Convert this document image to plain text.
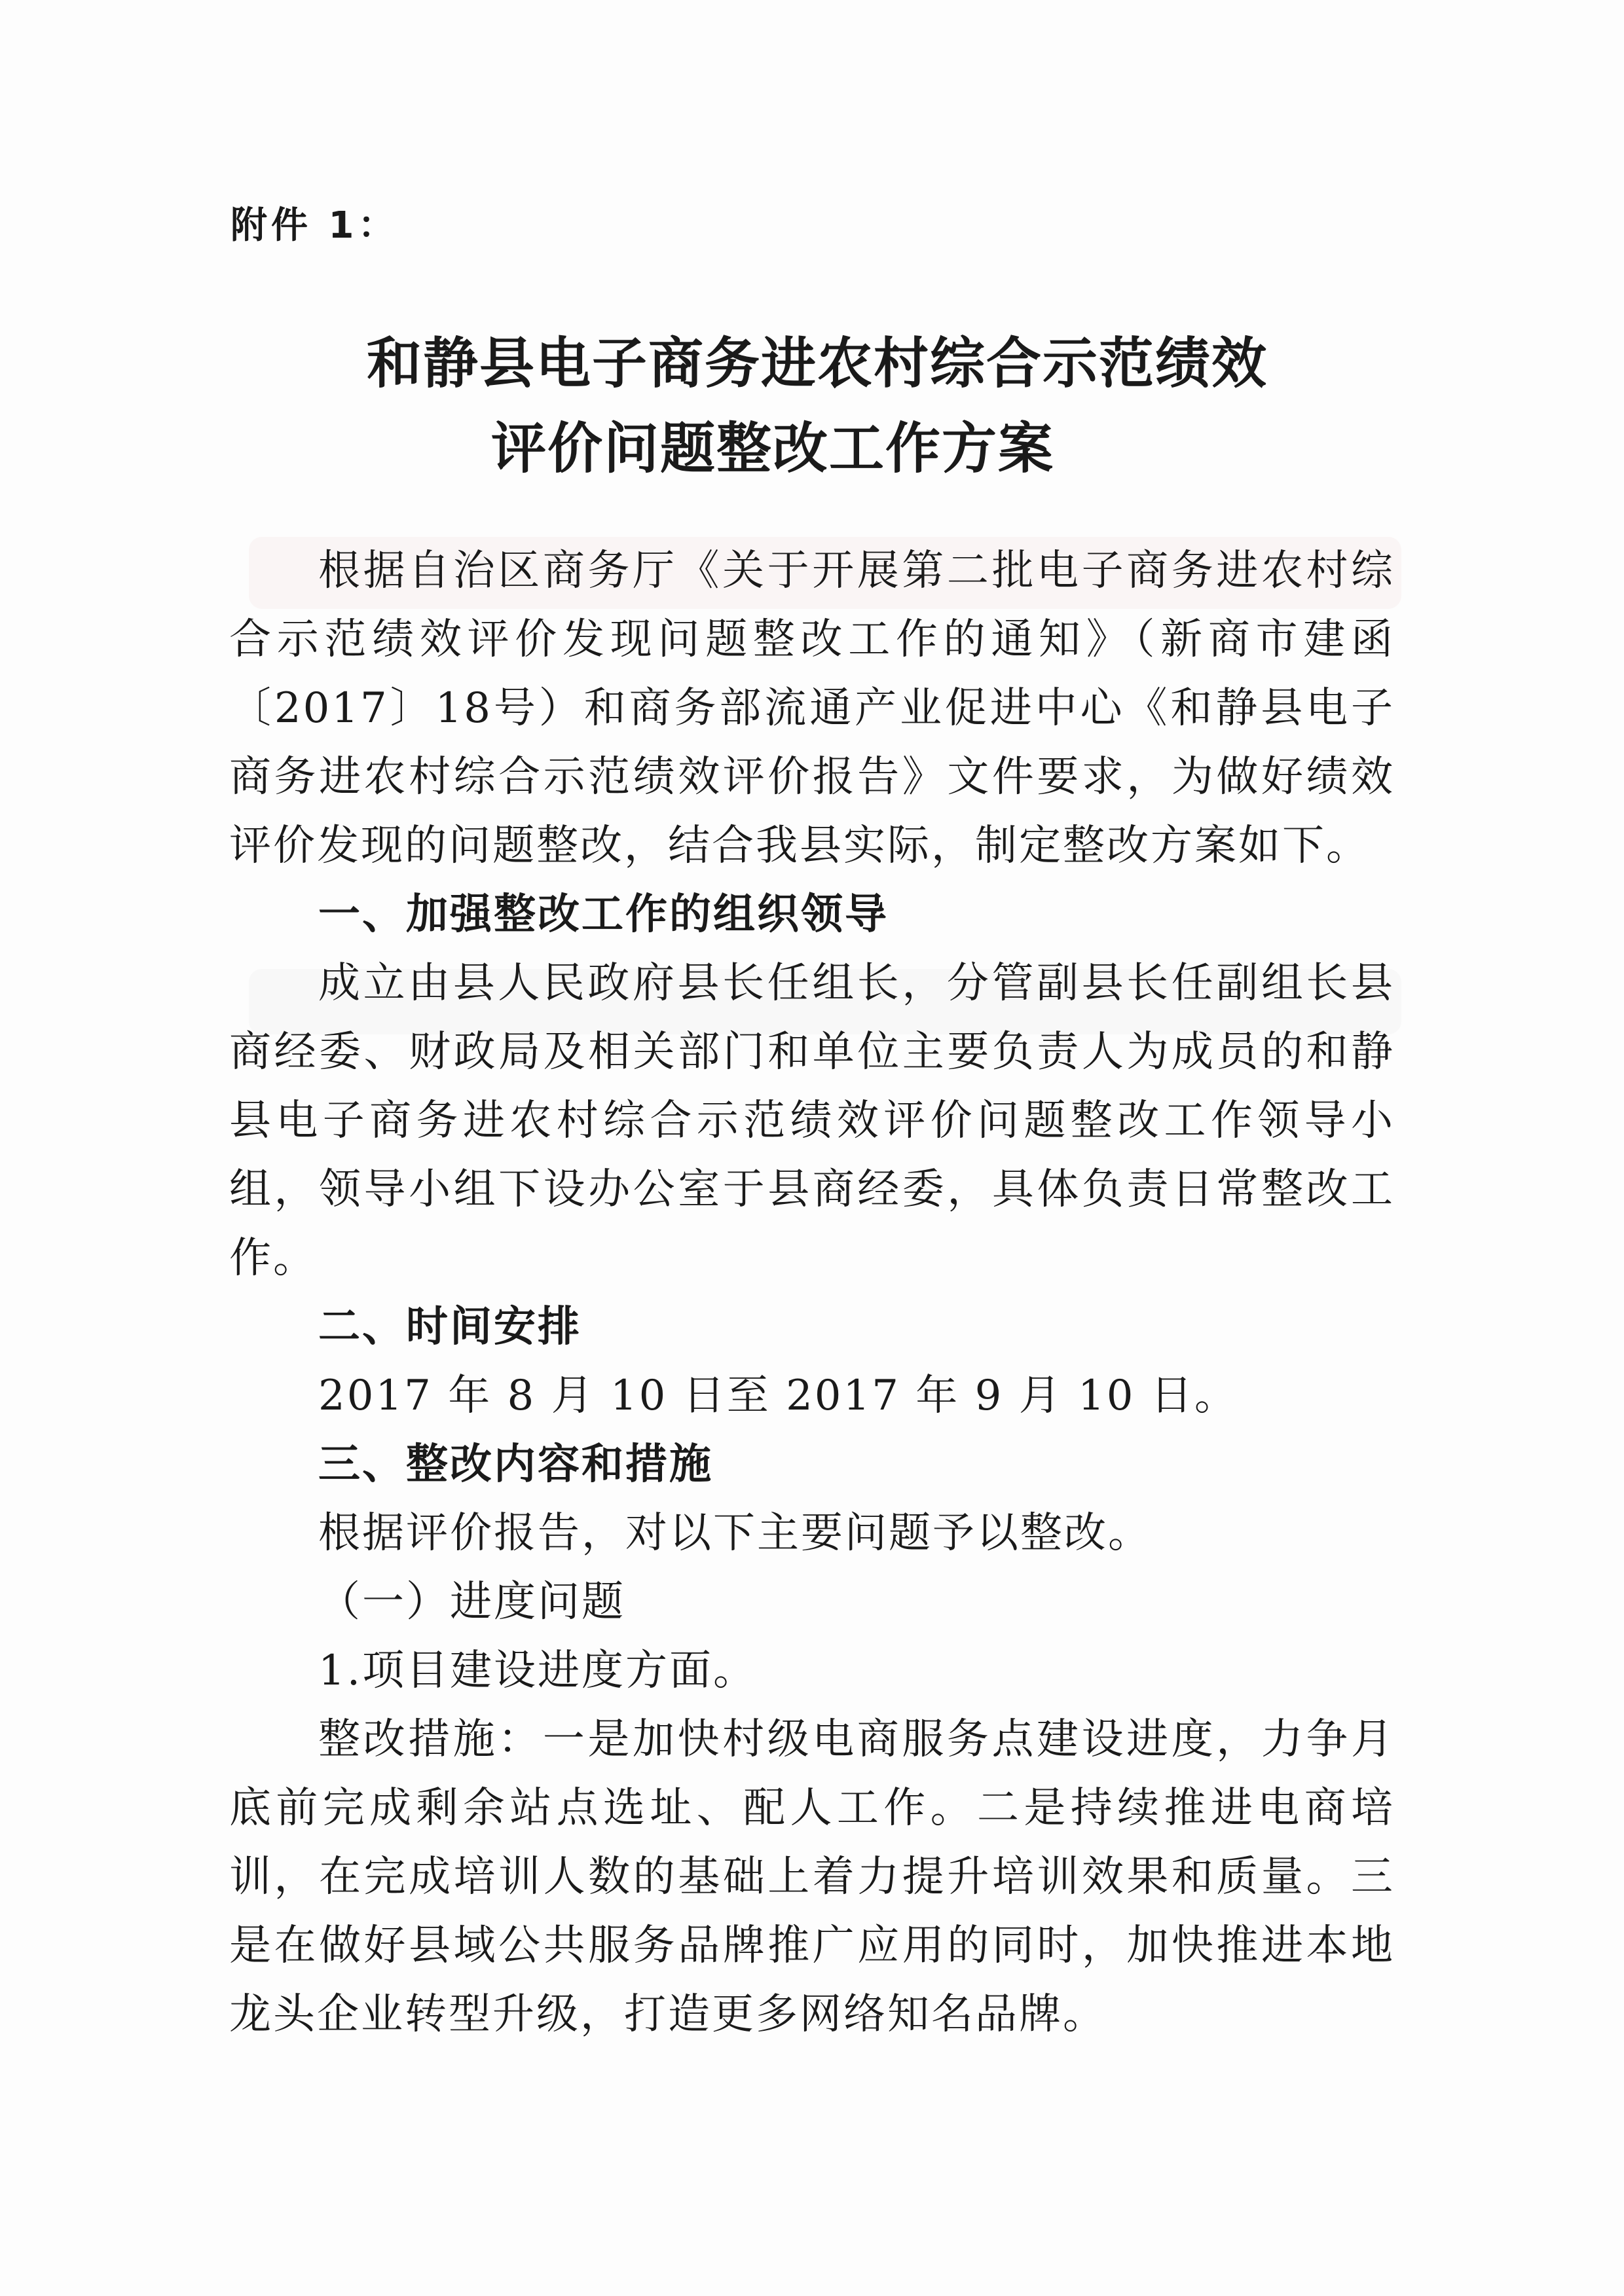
附件 1：
和静县电子商务进农村综合示范绩效
评价问题整改工作方案

根据自治区商务厅《关于开展第二批电子商务进农村综合示范绩效评价发现问题整改工作的通知》（新商市建函〔2017〕18号）和商务部流通产业促进中心《和静县电子商务进农村综合示范绩效评价报告》文件要求，为做好绩效评价发现的问题整改，结合我县实际，制定整改方案如下。

一、加强整改工作的组织领导

成立由县人民政府县长任组长，分管副县长任副组长县商经委、财政局及相关部门和单位主要负责人为成员的和静县电子商务进农村综合示范绩效评价问题整改工作领导小组，领导小组下设办公室于县商经委，具体负责日常整改工作。

二、时间安排

2017 年 8 月 10 日至 2017 年 9 月 10 日。

三、整改内容和措施

根据评价报告，对以下主要问题予以整改。

（一）进度问题

1.项目建设进度方面。

整改措施：一是加快村级电商服务点建设进度，力争月底前完成剩余站点选址、配人工作。二是持续推进电商培训，在完成培训人数的基础上着力提升培训效果和质量。三是在做好县域公共服务品牌推广应用的同时，加快推进本地龙头企业转型升级，打造更多网络知名品牌。
